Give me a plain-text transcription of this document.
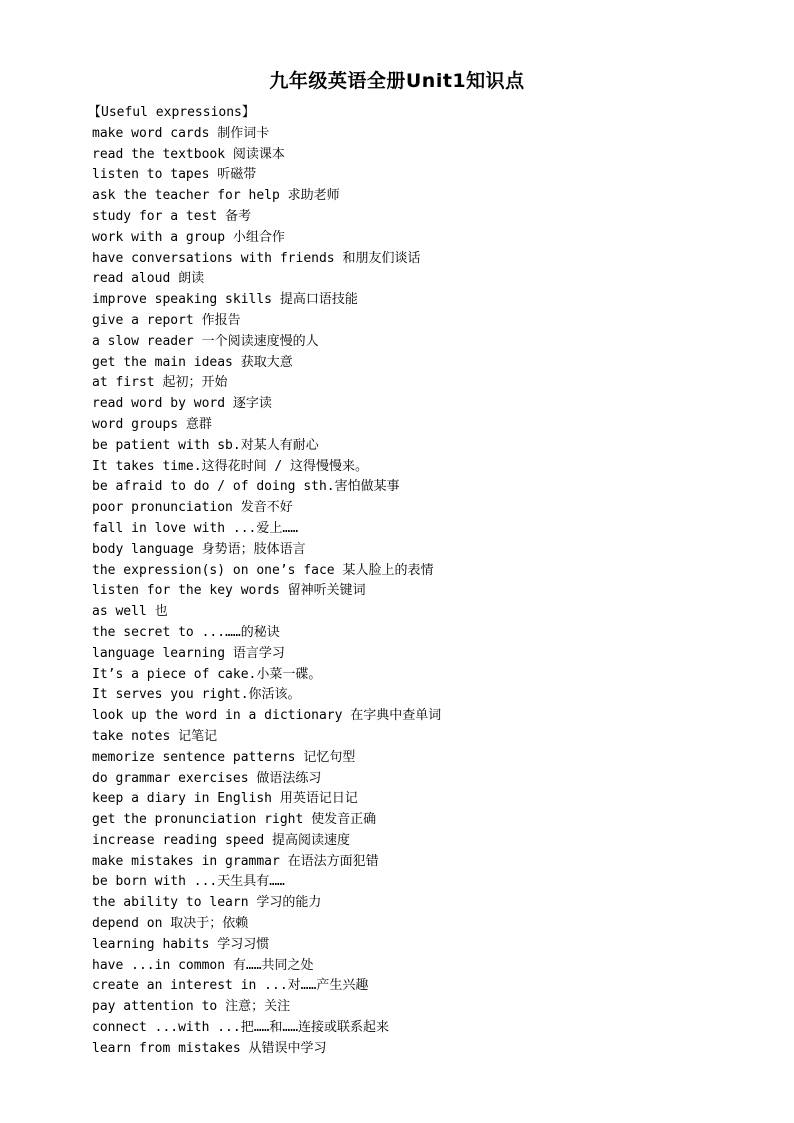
九年级英语全册Unit1知识点
【Useful expressions】
make word cards 制作词卡
read the textbook 阅读课本
listen to tapes 听磁带
ask the teacher for help 求助老师
study for a test 备考
work with a group 小组合作
have conversations with friends 和朋友们谈话
read aloud 朗读
improve speaking skills 提高口语技能
give a report 作报告
a slow reader 一个阅读速度慢的人
get the main ideas 获取大意
at first 起初；开始
read word by word 逐字读
word groups 意群
be patient with sb.对某人有耐心
It takes time.这得花时间 / 这得慢慢来。
be afraid to do / of doing sth.害怕做某事
poor pronunciation 发音不好
fall in love with ...爱上……
body language 身势语；肢体语言
the expression(s) on one’s face 某人脸上的表情
listen for the key words 留神听关键词
as well 也
the secret to ...……的秘诀
language learning 语言学习
It’s a piece of cake.小菜一碟。
It serves you right.你活该。
look up the word in a dictionary 在字典中查单词
take notes 记笔记
memorize sentence patterns 记忆句型
do grammar exercises 做语法练习
keep a diary in English 用英语记日记
get the pronunciation right 使发音正确
increase reading speed 提高阅读速度
make mistakes in grammar 在语法方面犯错
be born with ...天生具有……
the ability to learn 学习的能力
depend on 取决于；依赖
learning habits 学习习惯
have ...in common 有……共同之处
create an interest in ...对……产生兴趣
pay attention to 注意；关注
connect ...with ...把……和……连接或联系起来
learn from mistakes 从错误中学习
